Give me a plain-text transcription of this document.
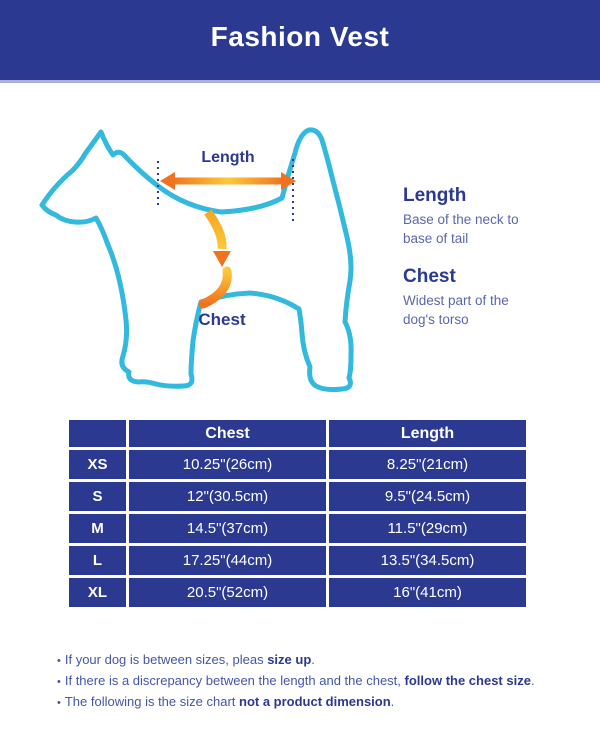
Fashion Vest
Length
Chest
Length
Base of the neck to base of tail
Chest
Widest part of the dog's torso
	Chest	Length
XS	10.25"(26cm)	8.25"(21cm)
S	12"(30.5cm)	9.5"(24.5cm)
M	14.5"(37cm)	11.5"(29cm)
L	17.25"(44cm)	13.5"(34.5cm)
XL	20.5"(52cm)	16"(41cm)
• If your dog is between sizes, pleas size up.
• If there is a discrepancy between the length and the chest, follow the chest size.
• The following is the size chart not a product dimension.
